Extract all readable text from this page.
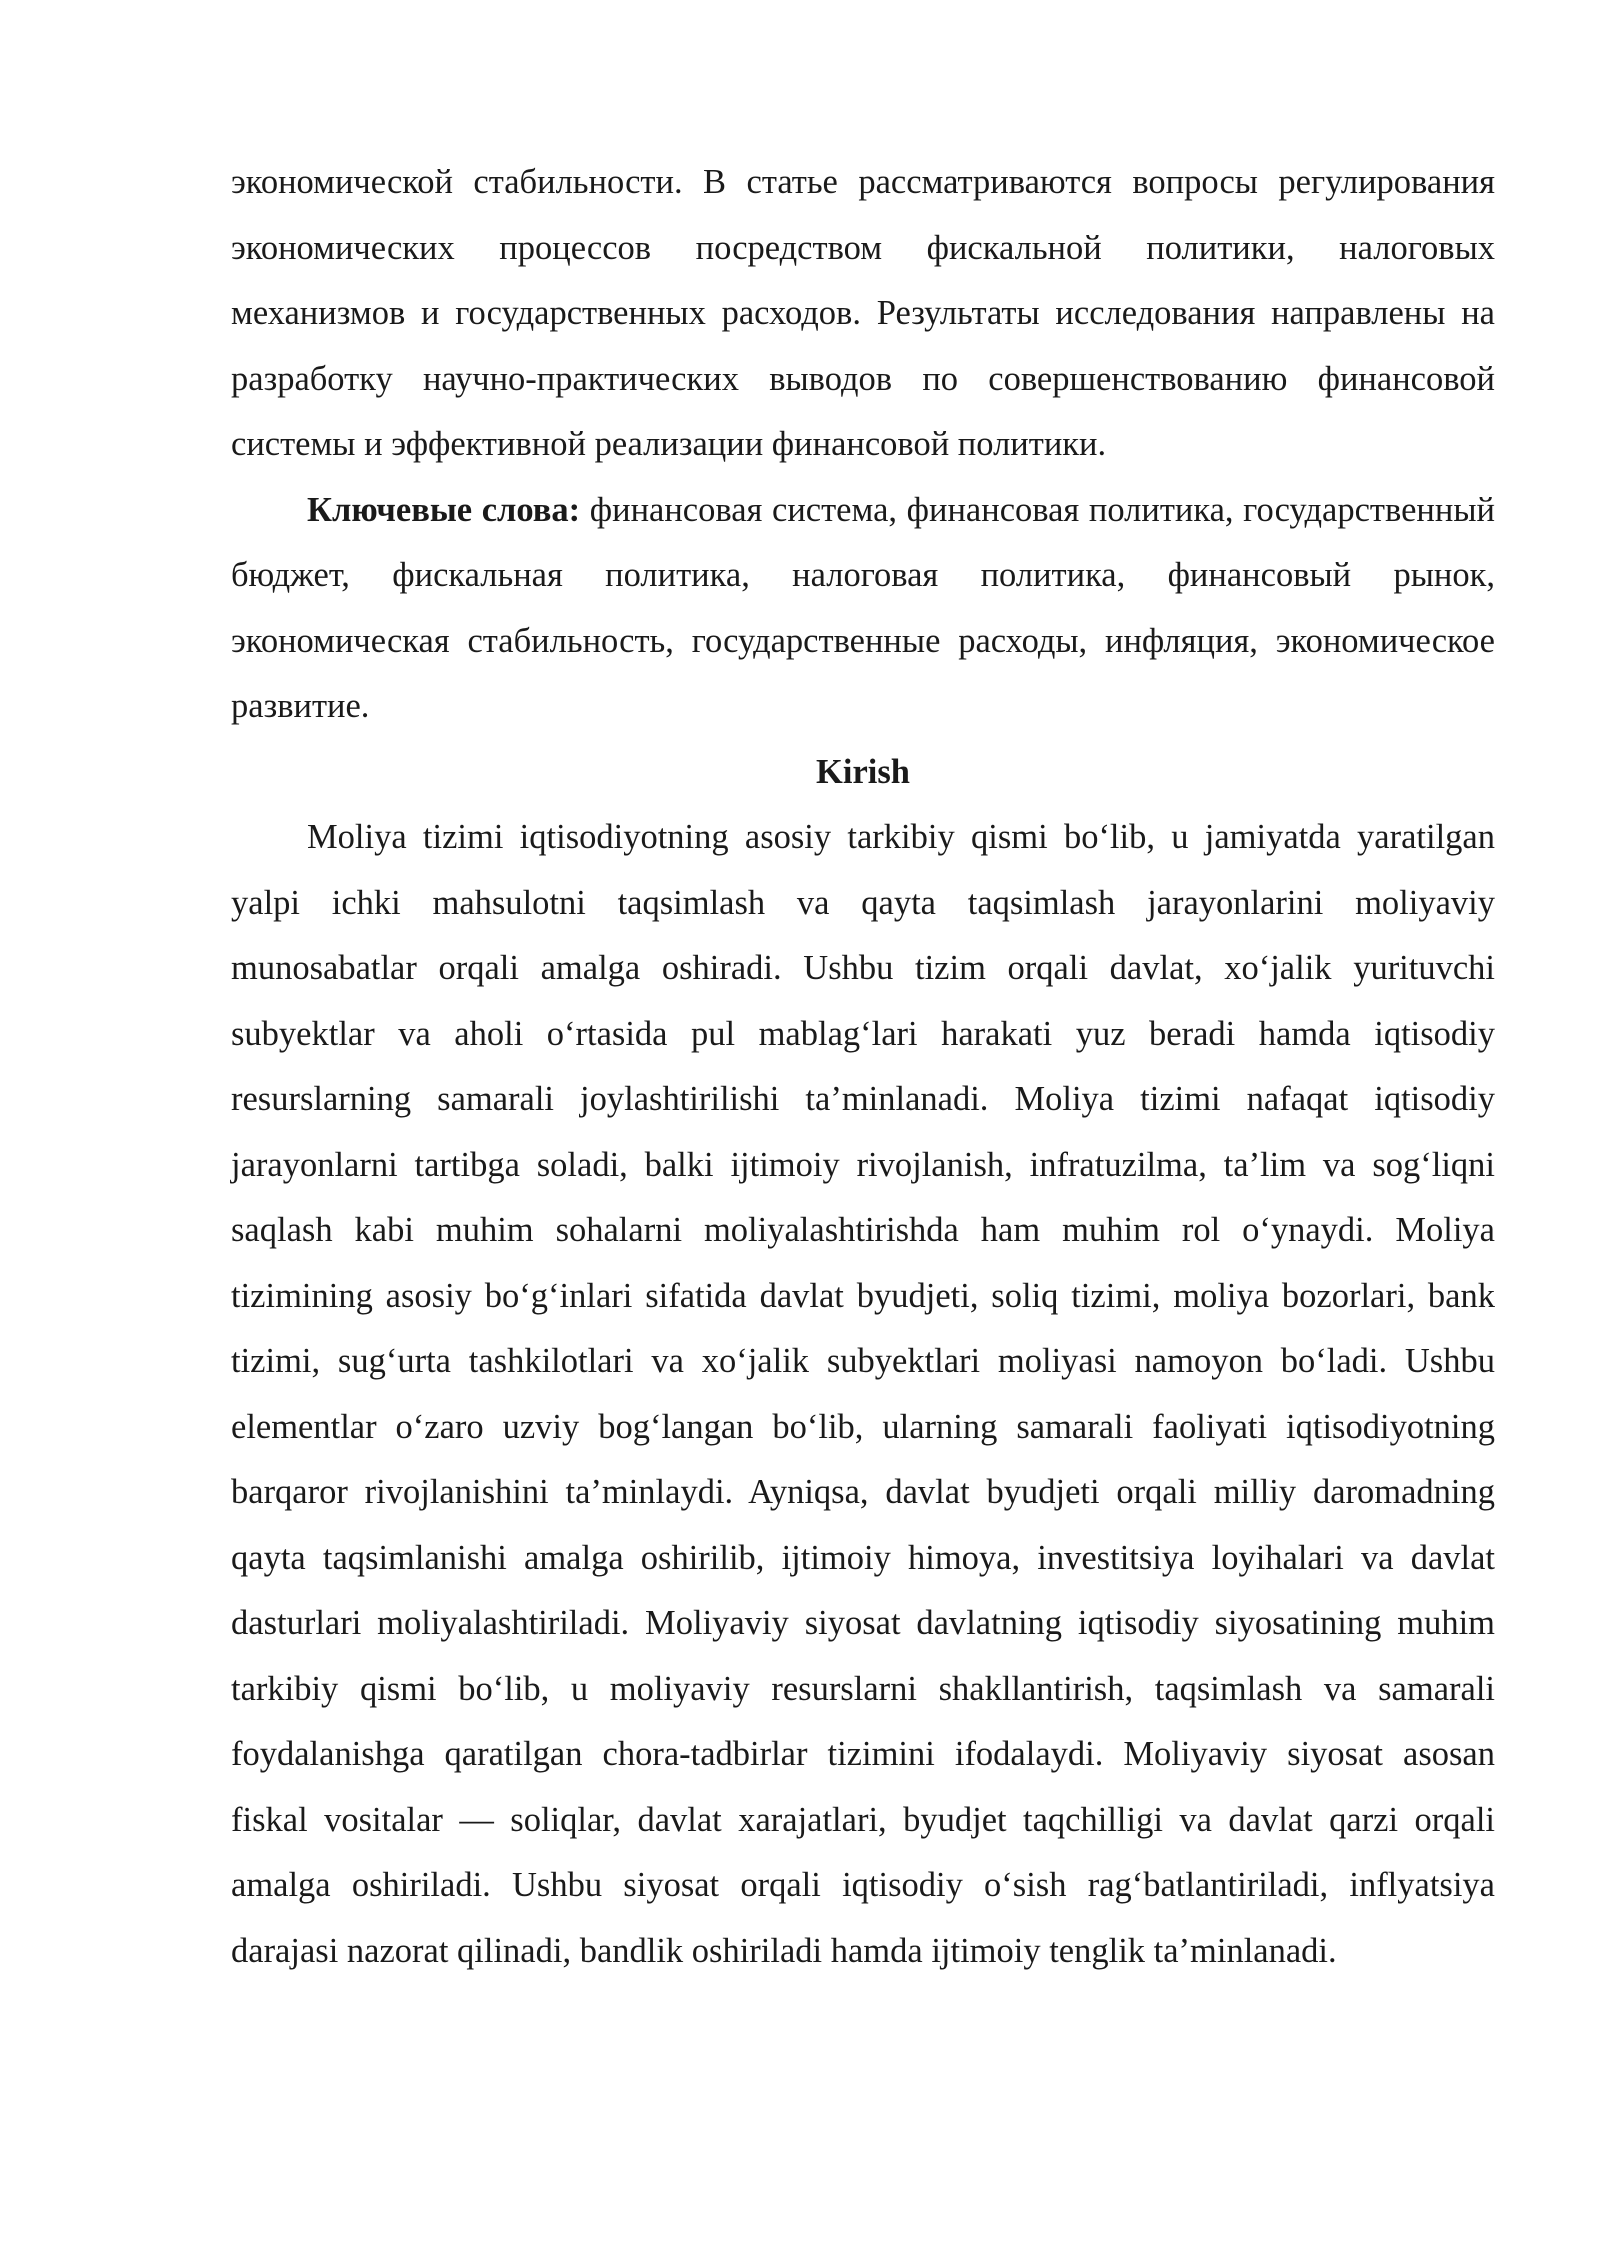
экономической стабильности. В статье рассматриваются вопросы регулирования экономических процессов посредством фискальной политики, налоговых механизмов и государственных расходов. Результаты исследования направлены на разработку научно-практических выводов по совершенствованию финансовой системы и эффективной реализации финансовой политики.

Ключевые слова: финансовая система, финансовая политика, государственный бюджет, фискальная политика, налоговая политика, финансовый рынок, экономическая стабильность, государственные расходы, инфляция, экономическое развитие.

Kirish

Moliya tizimi iqtisodiyotning asosiy tarkibiy qismi bo‘lib, u jamiyatda yaratilgan yalpi ichki mahsulotni taqsimlash va qayta taqsimlash jarayonlarini moliyaviy munosabatlar orqali amalga oshiradi. Ushbu tizim orqali davlat, xo‘jalik yurituvchi subyektlar va aholi o‘rtasida pul mablag‘lari harakati yuz beradi hamda iqtisodiy resurslarning samarali joylashtirilishi ta’minlanadi. Moliya tizimi nafaqat iqtisodiy jarayonlarni tartibga soladi, balki ijtimoiy rivojlanish, infratuzilma, ta’lim va sog‘liqni saqlash kabi muhim sohalarni moliyalashtirishda ham muhim rol o‘ynaydi. Moliya tizimining asosiy bo‘g‘inlari sifatida davlat byudjeti, soliq tizimi, moliya bozorlari, bank tizimi, sug‘urta tashkilotlari va xo‘jalik subyektlari moliyasi namoyon bo‘ladi. Ushbu elementlar o‘zaro uzviy bog‘langan bo‘lib, ularning samarali faoliyati iqtisodiyotning barqaror rivojlanishini ta’minlaydi. Ayniqsa, davlat byudjeti orqali milliy daromadning qayta taqsimlanishi amalga oshirilib, ijtimoiy himoya, investitsiya loyihalari va davlat dasturlari moliyalashtiriladi. Moliyaviy siyosat davlatning iqtisodiy siyosatining muhim tarkibiy qismi bo‘lib, u moliyaviy resurslarni shakllantirish, taqsimlash va samarali foydalanishga qaratilgan chora-tadbirlar tizimini ifodalaydi. Moliyaviy siyosat asosan fiskal vositalar — soliqlar, davlat xarajatlari, byudjet taqchilligi va davlat qarzi orqali amalga oshiriladi. Ushbu siyosat orqali iqtisodiy o‘sish rag‘batlantiriladi, inflyatsiya darajasi nazorat qilinadi, bandlik oshiriladi hamda ijtimoiy tenglik ta’minlanadi.
